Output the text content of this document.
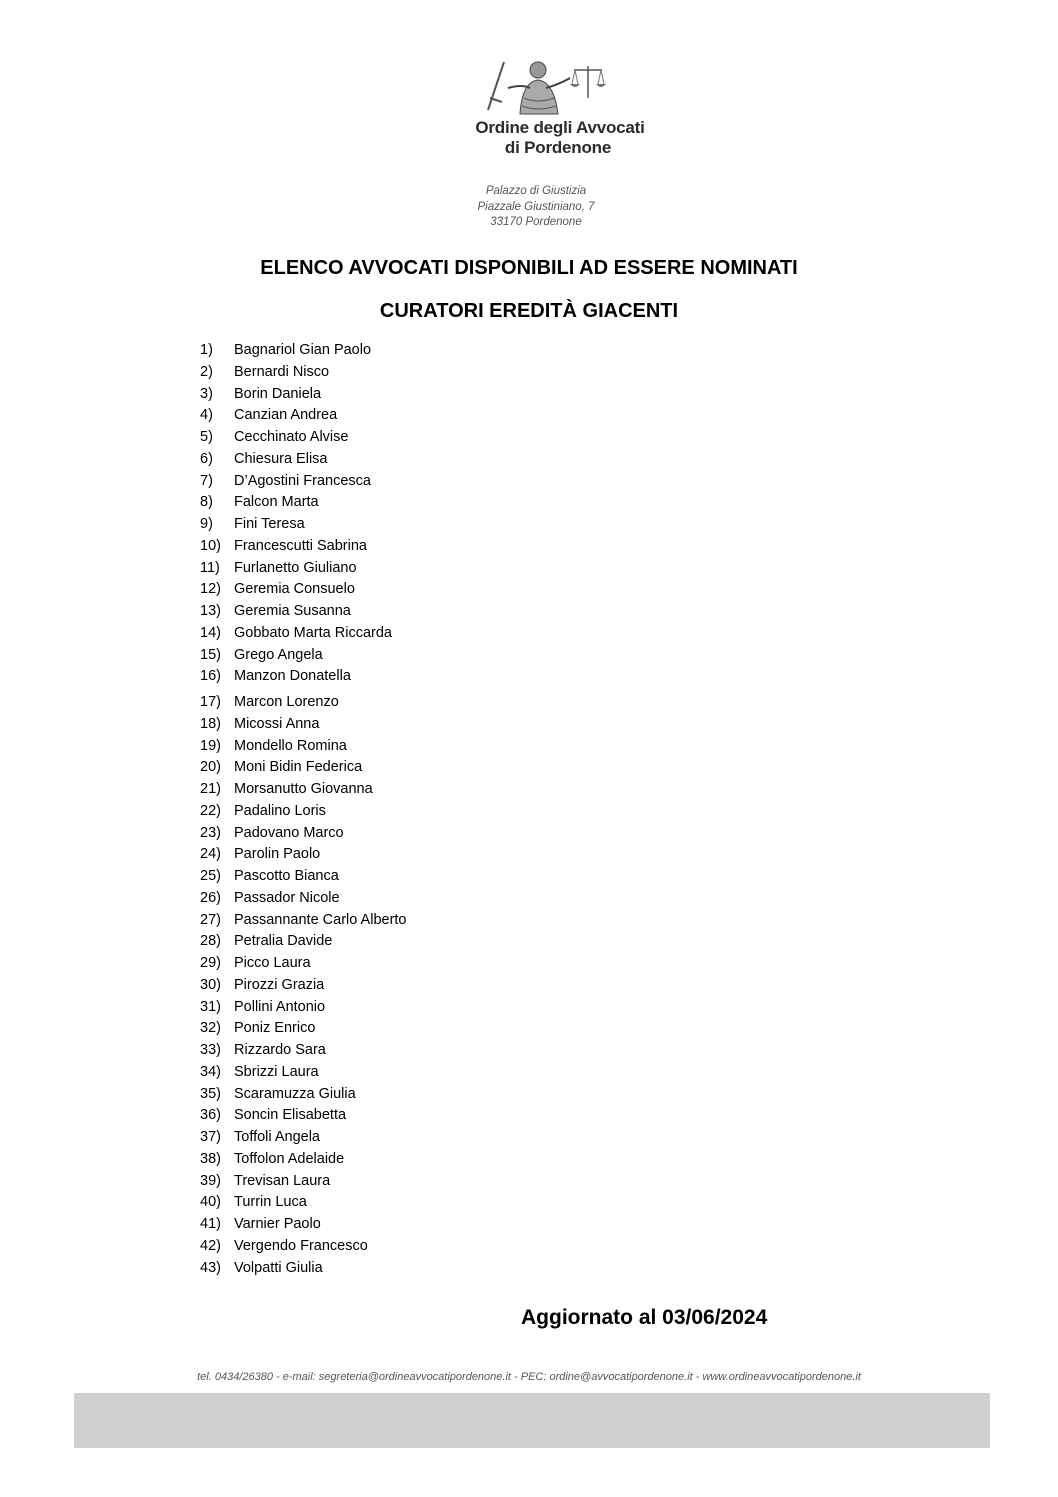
Ordine degli Avvocati
di Pordenone
Palazzo di Giustizia
Piazzale Giustiniano, 7
33170 Pordenone
ELENCO AVVOCATI DISPONIBILI AD ESSERE NOMINATI
CURATORI EREDITÀ GIACENTI
1) Bagnariol Gian Paolo
2) Bernardi Nisco
3) Borin Daniela
4) Canzian Andrea
5) Cecchinato Alvise
6) Chiesura Elisa
7) D’Agostini Francesca
8) Falcon Marta
9) Fini Teresa
10) Francescutti Sabrina
11) Furlanetto Giuliano
12) Geremia Consuelo
13) Geremia Susanna
14) Gobbato Marta Riccarda
15) Grego Angela
16) Manzon Donatella
17) Marcon Lorenzo
18) Micossi Anna
19) Mondello Romina
20) Moni Bidin Federica
21) Morsanutto Giovanna
22) Padalino Loris
23) Padovano Marco
24) Parolin Paolo
25) Pascotto Bianca
26) Passador Nicole
27) Passannante Carlo Alberto
28) Petralia Davide
29) Picco Laura
30) Pirozzi Grazia
31) Pollini Antonio
32) Poniz Enrico
33) Rizzardo Sara
34) Sbrizzi Laura
35) Scaramuzza Giulia
36) Soncin Elisabetta
37) Toffoli Angela
38) Toffolon Adelaide
39) Trevisan Laura
40) Turrin Luca
41) Varnier Paolo
42) Vergendo Francesco
43) Volpatti Giulia
Aggiornato al 03/06/2024
tel. 0434/26380 - e-mail: segreteria@ordineavvocatipordenone.it - PEC: ordine@avvocatipordenone.it - www.ordineavvocatipordenone.it
